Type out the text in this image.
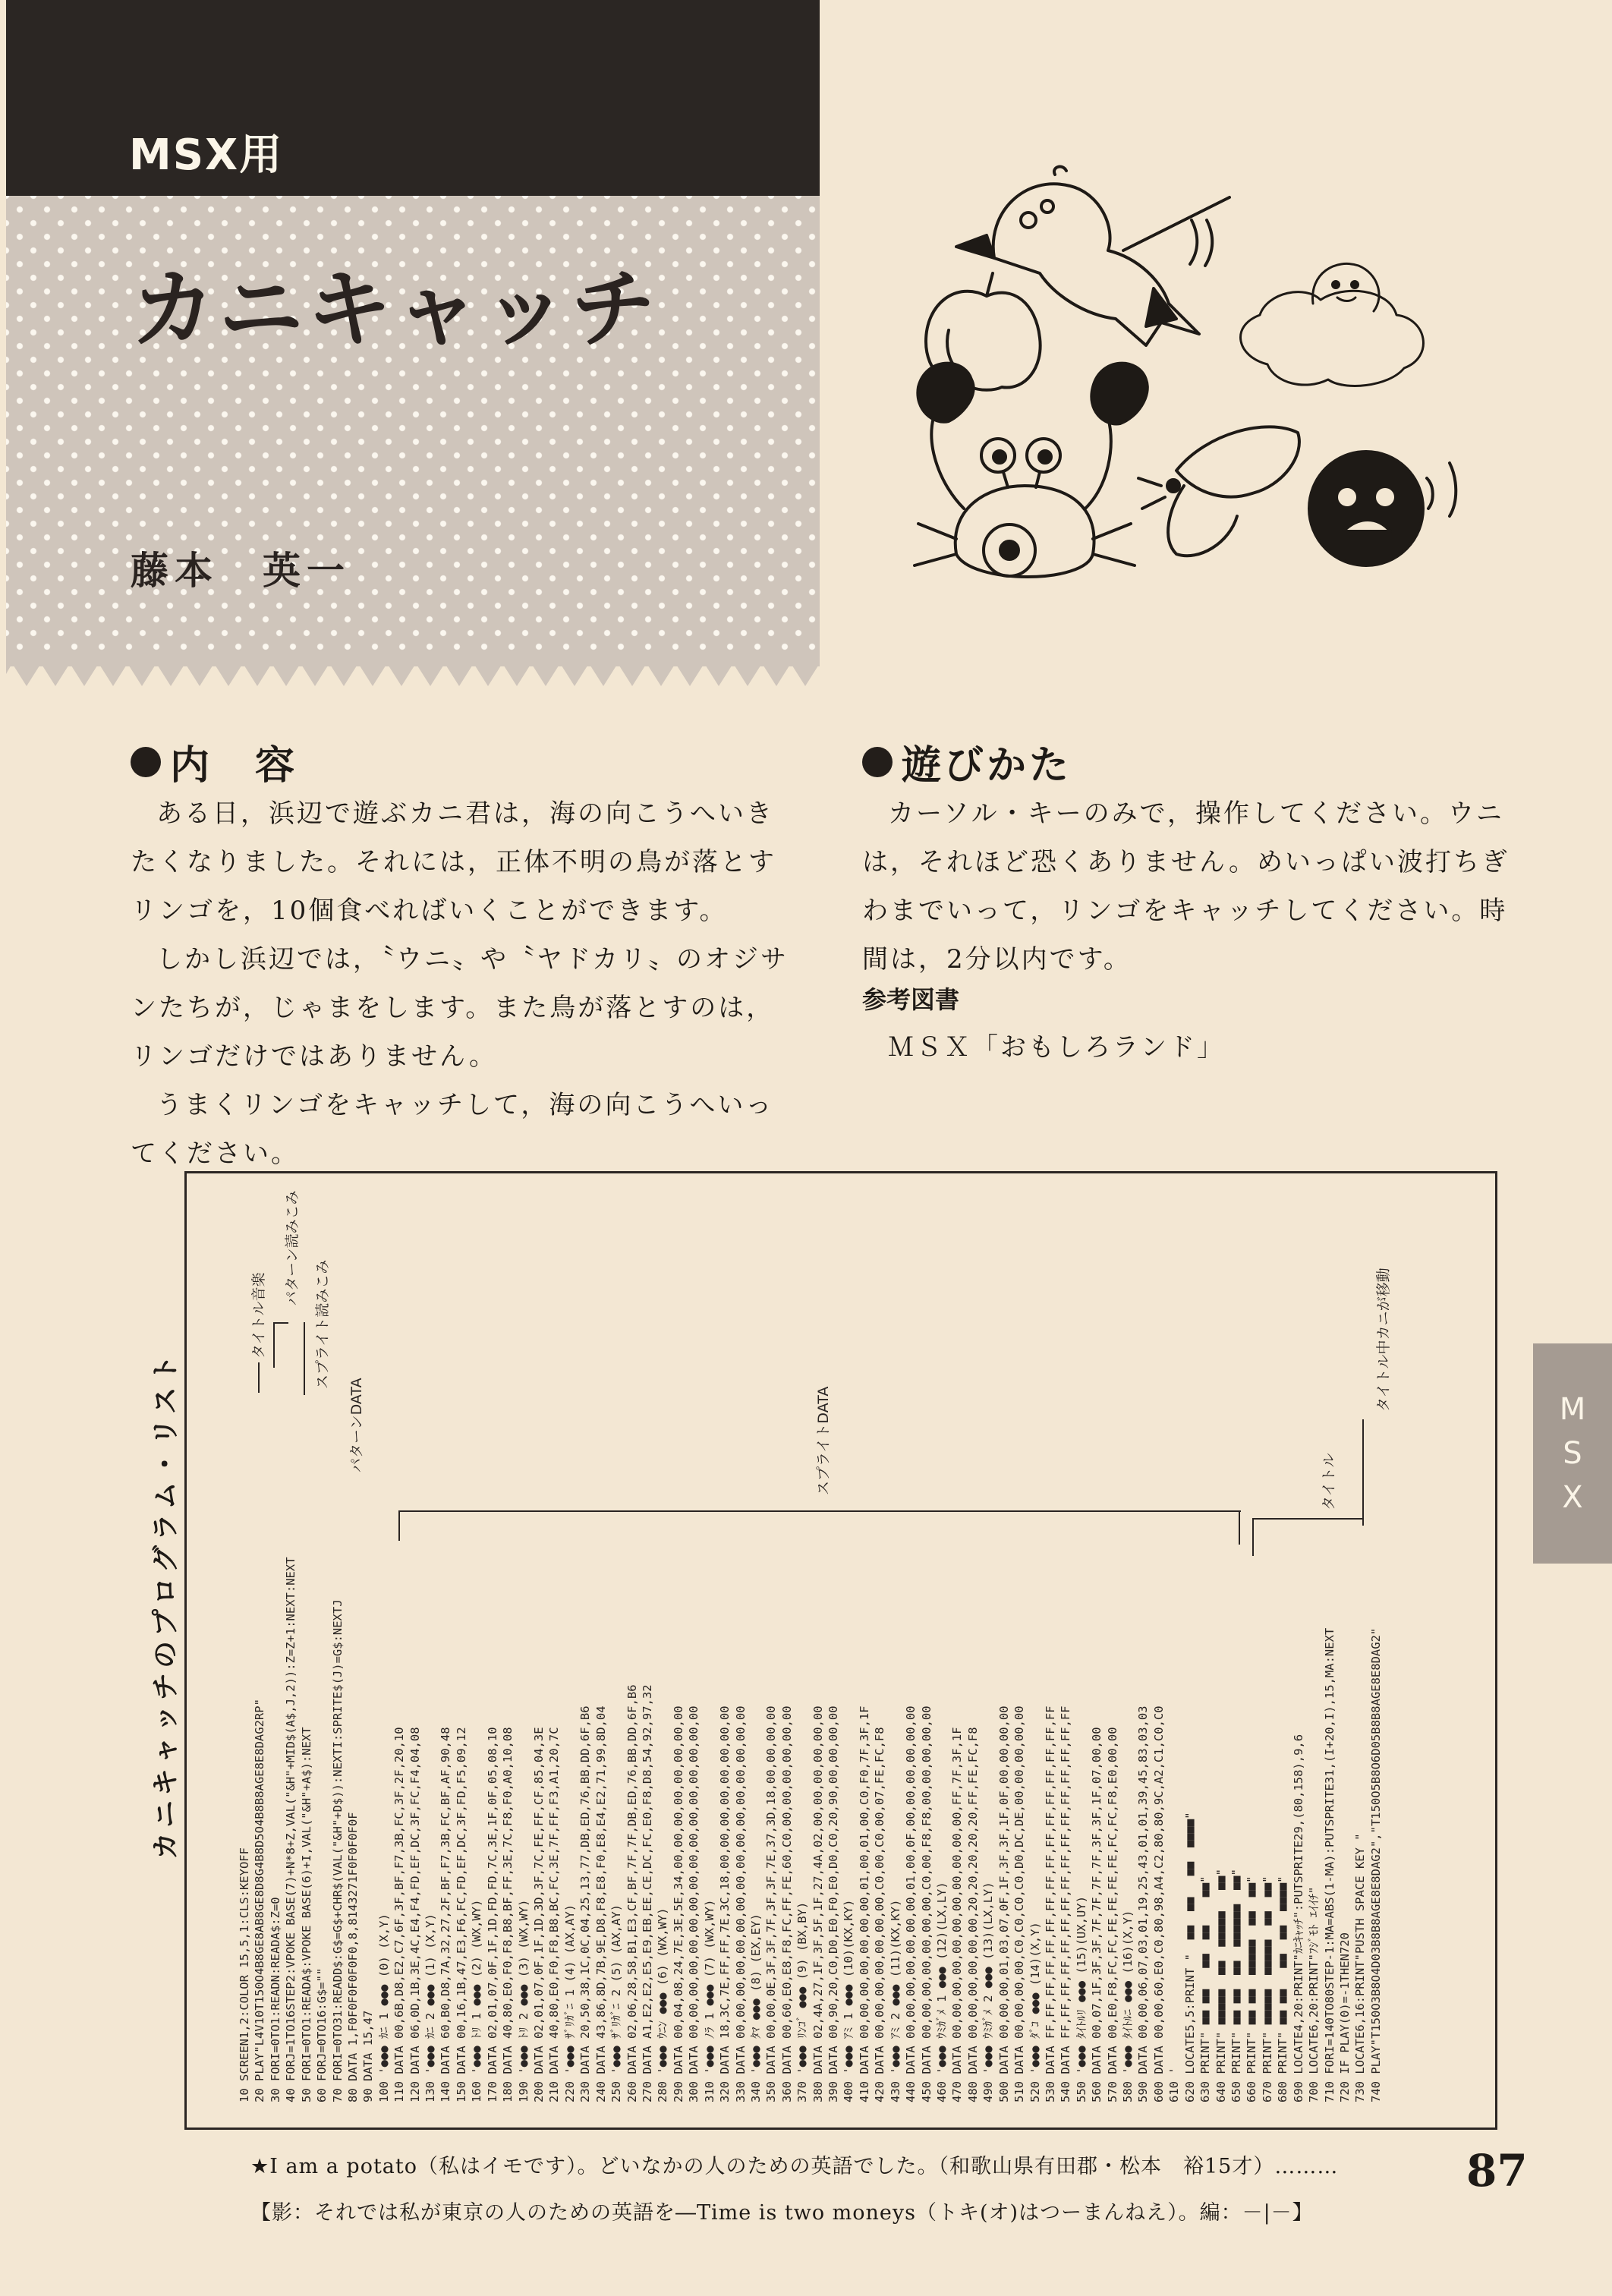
MSX用
カニキャッチ
藤本　英一
内　容

ある日，浜辺で遊ぶカニ君は，海の向こうへいきたくなりました。それには，正体不明の鳥が落とすリンゴを，10個食べればいくことができます。

しかし浜辺では，〝ウニ〟や〝ヤドカリ〟のオジサンたちが，じゃまをします。また鳥が落とすのは，リンゴだけではありません。

うまくリンゴをキャッチして，海の向こうへいってください。

遊びかた

カーソル・キーのみで，操作してください。ウニは，それほど恐くありません。めいっぱい波打ちぎわまでいって，リンゴをキャッチしてください。時間は，2分以内です。

参考図書
ＭＳＸ「おもしろランド」
カニキャッチのプログラム・リスト
10 SCREEN1,2:COLOR 15,5,1:CLS:KEYOFF 20 PLAY"L4V10T150O4B8GE8AB8GE8D8G4B8D5O4B8B8AGE8E8DAG2RP" 30 FORI=0TO1:READN:READA$:Z=0 40 FORJ=1TO16STEP2:VPOKE BASE(7)+N*8+Z,VAL("&H"+MID$(A$,J,2)):Z=Z+1:NEXT:NEXT 50 FORI=0TO1:READA$:VPOKE BASE(6)+I,VAL("&H"+A$):NEXT 60 FORJ=0TO16:G$="" 70 FORI=0TO31:READD$:G$=G$+CHR$(VAL("&H"+D$)):NEXTI:SPRITE$(J)=G$:NEXTJ 80 DATA 1,F0F0F0F0F0F0,8,8143271F0F0F0F0F 90 DATA 15,47 100 '●●● ｶﾆ 1 ●●● (0) (X,Y) 110 DATA 00,6B,D8,E2,C7,6F,3F,BF,F7,3B,FC,3F,2F,20,10 120 DATA 06,0D,1B,3E,4C,E4,F4,FD,EF,DC,3F,FC,F4,04,08 130 '●●● ｶﾆ 2 ●●● (1) (X,Y) 140 DATA 60,B0,D8,7A,32,27,2F,BF,F7,3B,FC,BF,AF,90,48 150 DATA 00,16,1B,47,E3,F6,FC,FD,EF,DC,3F,FD,F5,09,12 160 '●●● ﾄﾘ 1 ●●● (2) (WX,WY) 170 DATA 02,01,07,0F,1F,1D,FD,FD,7C,3E,1F,0F,05,08,10 180 DATA 40,80,E0,F0,F8,B8,BF,FF,3E,7C,F8,F0,A0,10,08 190 '●●● ﾄﾘ 2 ●●● (3) (WX,WY) 200 DATA 02,01,07,0F,1F,1D,3D,3F,7C,FE,FF,CF,85,04,3E 210 DATA 40,80,E0,F0,F8,B8,BC,FC,3E,7F,FF,F3,A1,20,7C 220 '●●● ｻﾞﾘｶﾞﾆ 1 (4) (AX,AY) 230 DATA 20,50,38,1C,0C,04,25,13,77,DB,ED,76,BB,DD,6F,B6 240 DATA 43,86,8D,7B,9E,D8,F8,E8,F0,E8,E4,E2,71,99,8D,04 250 '●●● ｻﾞﾘｶﾞﾆ 2 (5) (AX,AY) 260 DATA 02,06,28,58,B1,E3,CF,BF,7F,7F,DB,ED,76,BB,DD,6F,B6 270 DATA A1,E2,E2,E5,E9,EB,EE,CE,DC,FC,E0,F8,D8,54,92,97,32 280 '●●● ｳﾆﾝ ●●● (6) (WX,WY) 290 DATA 00,04,08,24,7E,3E,5E,34,00,00,00,00,00,00,00,00 300 DATA 00,00,00,00,00,00,00,00,00,00,00,00,00,00,00,00 310 '●●● ﾉﾗ 1 ●●● (7) (WX,WY) 320 DATA 18,3C,7E,FF,FF,7E,3C,18,00,00,00,00,00,00,00,00 330 DATA 00,00,00,00,00,00,00,00,00,00,00,00,00,00,00,00 340 '●●● ﾀﾏ ●●● (8) (EX,EY) 350 DATA 00,00,0E,3F,3F,7F,3F,3F,7E,37,3D,18,00,00,00,00 360 DATA 00,60,E0,E8,F8,FC,FF,FE,60,C0,00,00,00,00,00,00 370 '●●● ﾘﾝｺﾞ ●●● (9) (BX,BY) 380 DATA 02,4A,27,1F,3F,5F,1F,27,4A,02,00,00,00,00,00,00 390 DATA 00,90,20,C0,D0,E0,F0,E0,D0,C0,20,90,00,00,00,00 400 '●●● ｱﾐ 1 ●●● (10)(KX,KY) 410 DATA 00,00,00,00,00,00,00,01,00,01,00,C0,F0,7F,3F,1F 420 DATA 00,00,00,00,00,00,00,C0,00,C0,00,07,FE,FC,F8 430 '●●● ｱﾐ 2 ●●● (11)(KX,KY) 440 DATA 00,00,00,00,00,00,00,01,00,0F,00,00,00,00,00,00 450 DATA 00,00,00,00,00,00,00,C0,00,F8,F8,00,00,00,00,00 460 '●●● ｳﾐｶﾞﾒ 1 ●●● (12)(LX,LY) 470 DATA 00,00,00,00,00,00,00,00,00,00,00,FF,7F,3F,1F 480 DATA 00,00,00,00,00,00,20,20,20,20,20,FF,FE,FC,F8 490 '●●● ｳﾐｶﾞﾒ 2 ●●● (13)(LX,LY) 500 DATA 00,00,00,01,03,07,0F,1F,3F,3F,1F,0F,00,00,00,00 510 DATA 00,00,00,00,C0,C0,C0,C0,D0,DC,DE,00,00,00,00,00 520 '●●● ﾀﾞｺ ●●● (14)(X,Y) 530 DATA FF,FF,FF,FF,FF,FF,FF,FF,FF,FF,FF,FF,FF,FF,FF,FF 540 DATA FF,FF,FF,FF,FF,FF,FF,FF,FF,FF,FF,FF,FF,FF,FF,FF 550 '●●● ﾀｲﾄﾙﾘ ●●● (15)(UX,UY) 560 DATA 00,07,1F,3F,3F,7F,7F,7F,7F,3F,3F,1F,07,00,00 570 DATA 00,E0,F8,FC,FC,FE,FE,FE,FE,FC,FC,F8,E0,00,00 580 '●●● ﾀｲﾄﾙﾆ ●●● (16)(X,Y) 590 DATA 00,00,06,07,03,01,19,25,43,01,01,39,45,83,03,03 600 DATA 00,00,60,E0,C0,80,98,A4,C2,80,80,9C,A2,C1,C0,C0 610 ' 620 LOCATE5,5:PRINT "  ■■  ■■   ■■  ■■■■" 630 PRINT" ■■ ■■   ■■  ■■    ■■" 640 PRINT" ■■■■■  ■■  ■■■■■   ■■" 650 PRINT" ■■ ■■  ■■  ■■■■■■  ■■" 660 PRINT" ■■ ■■  ■■■■■  ■■  ■■" 670 PRINT" ■■■■■  ■■■■■  ■■  ■■" 680 PRINT" ■■ ■■   ■■  ■■  ■■■■" 690 LOCATE4,20:PRINT"ｶﾆｷｬｯﾁ":PUTSPRITE29,(80,158),9,6 700 LOCATE6,20:PRINT"ﾌｼﾞﾓﾄ ｴｲｲﾁ" 710 FORI=140TO80STEP-1:MA=ABS(1-MA):PUTSPRITE31,(I+20,I),15,MA:NEXT 720 IF PLAY(0)=-1THEN720 730 LOCATE6,16:PRINT"PUSTH SPACE KEY " 740 PLAY"T150O3B8O4D03B8B8AGE8E8DAG2","T150O5B8O6D05B8B8AGE8E8DAG2"
タイトル音楽
パターン読みこみ
スプライト読みこみ
パターンDATA	スプライトDATA	タイトル
タイトル中カニが移動	M
S
X
★I am a potato（私はイモです）。どいなかの人のための英語でした。（和歌山県有田郡・松本　裕15才）………
【影：それでは私が東京の人のための英語を―Time is two moneys（トキ(オ)はつーまんねえ）。編：－|－】
87
